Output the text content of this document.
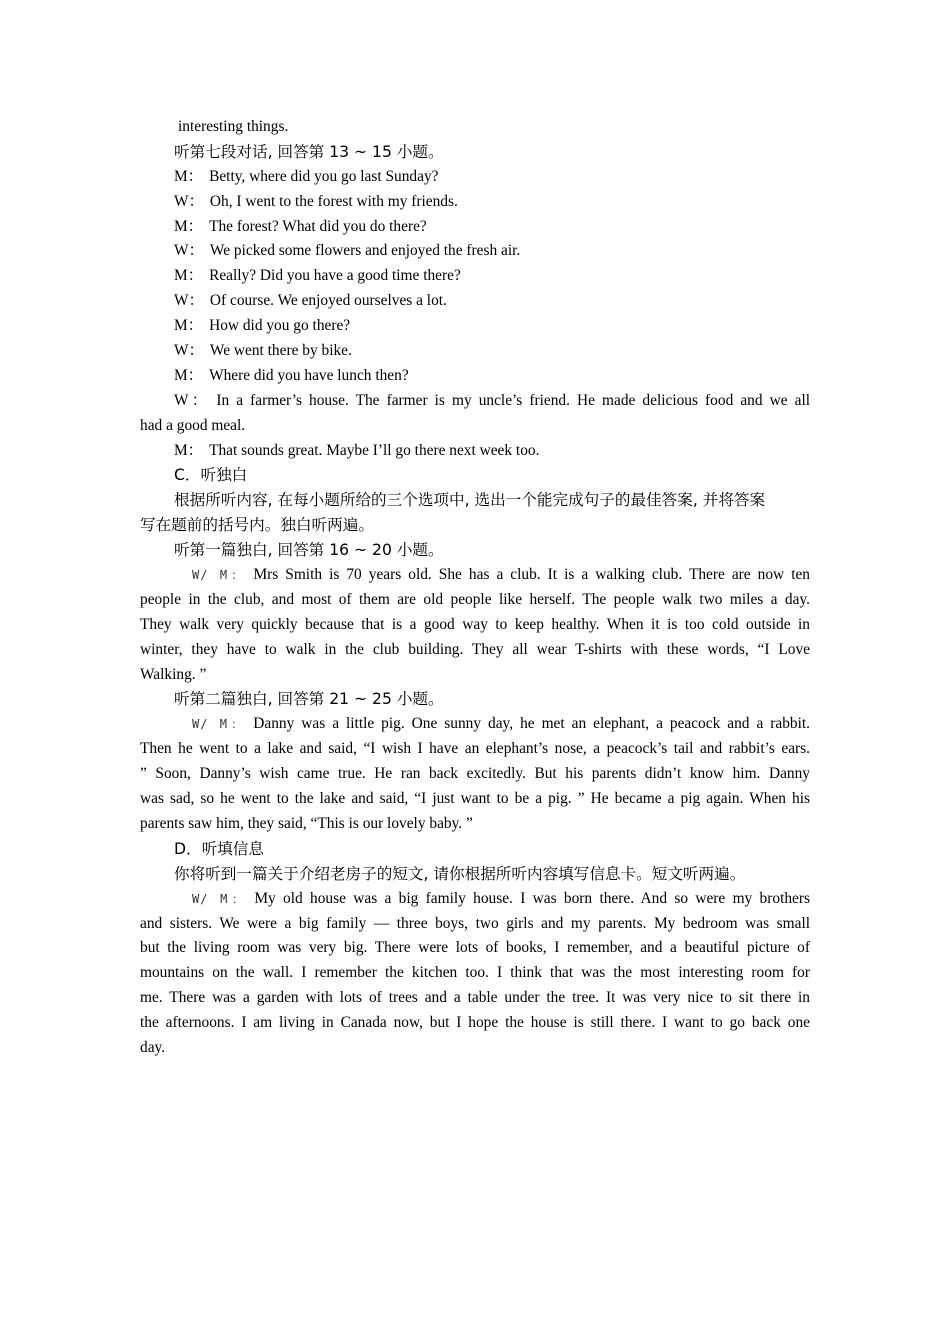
interesting things.
听第七段对话, 回答第 13 ~ 15 小题。
M： Betty, where did you go last Sunday?
W： Oh, I went to the forest with my friends.
M： The forest? What did you do there?
W： We picked some flowers and enjoyed the fresh air.
M： Really? Did you have a good time there?
W： Of course. We enjoyed ourselves a lot.
M： How did you go there?
W： We went there by bike.
M： Where did you have lunch then?
W： In a farmer’s house. The farmer is my uncle’s friend. He made delicious food and we all
had a good meal.
M： That sounds great. Maybe I’ll go there next week too.
C．听独白
根据所听内容, 在每小题所给的三个选项中, 选出一个能完成句子的最佳答案, 并将答案
写在题前的括号内。独白听两遍。
听第一篇独白, 回答第 16 ~ 20 小题。
W/ M： Mrs Smith is 70 years old. She has a club. It is a walking club. There are now ten
people in the club, and most of them are old people like herself. The people walk two miles a day.
They walk very quickly because that is a good way to keep healthy. When it is too cold outside in
winter, they have to walk in the club building. They all wear T-shirts with these words, “I Love
Walking. ”
听第二篇独白, 回答第 21 ~ 25 小题。
W/ M： Danny was a little pig. One sunny day, he met an elephant, a peacock and a rabbit.
Then he went to a lake and said, “I wish I have an elephant’s nose, a peacock’s tail and rabbit’s ears.
” Soon, Danny’s wish came true. He ran back excitedly. But his parents didn’t know him. Danny
was sad, so he went to the lake and said, “I just want to be a pig. ” He became a pig again. When his
parents saw him, they said, “This is our lovely baby. ”
D．听填信息
你将听到一篇关于介绍老房子的短文, 请你根据所听内容填写信息卡。短文听两遍。
W/ M： My old house was a big family house. I was born there. And so were my brothers
and sisters. We were a big family — three boys, two girls and my parents. My bedroom was small
but the living room was very big. There were lots of books, I remember, and a beautiful picture of
mountains on the wall. I remember the kitchen too. I think that was the most interesting room for
me. There was a garden with lots of trees and a table under the tree. It was very nice to sit there in
the afternoons. I am living in Canada now, but I hope the house is still there. I want to go back one
day.
